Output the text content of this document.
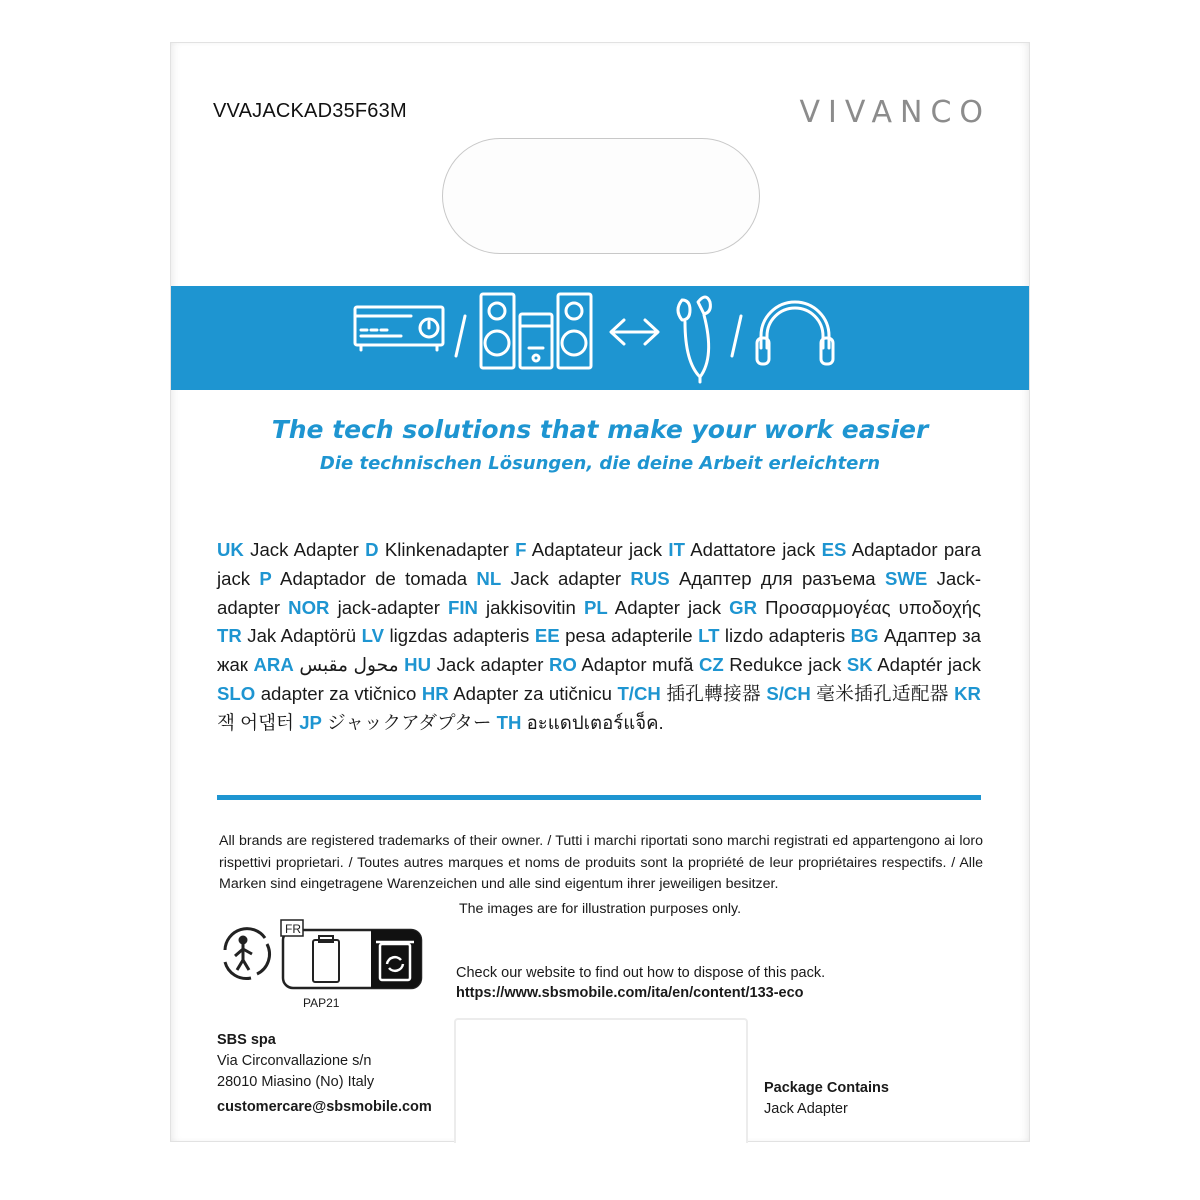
VVAJACKAD35F63M	VIVANCO
The tech solutions that make your work easier
Die technischen Lösungen, die deine Arbeit erleichtern
UK Jack Adapter D Klinkenadapter F Adaptateur jack IT Adattatore jack ES Adaptador para jack P Adaptador de tomada NL Jack adapter RUS Адаптер для разъема SWE Jack-adapter NOR jack-adapter FIN jakkisovitin PL Adapter jack GR Προσαρμογέας υποδοχής TR Jak Adaptörü LV ligzdas adapteris EE pesa adapterile LT lizdo adapteris BG Адаптер за жак ARA محول مقبس HU Jack adapter RO Adaptor mufă CZ Redukce jack SK Adaptér jack SLO adapter za vtičnico HR Adapter za utičnicu T/CH 插孔轉接器 S/CH 毫米插孔适配器 KR 잭 어댑터 JP ジャックアダプター TH อะแดปเตอร์แจ็ค.
All brands are registered trademarks of their owner. / Tutti i marchi riportati sono marchi registrati ed appartengono ai loro rispettivi proprietari. / Toutes autres marques et noms de produits sont la propriété de leur propriétaires respectifs. / Alle Marken sind eingetragene Warenzeichen und alle sind eigentum ihrer jeweiligen besitzer.
The images are for illustration purposes only.
FR
PAP21
Check our website to find out how to dispose of this pack.
https://www.sbsmobile.com/ita/en/content/133-eco
SBS spa
Via Circonvallazione s/n
28010 Miasino (No) Italy
customercare@sbsmobile.com
Package Contains
Jack Adapter
